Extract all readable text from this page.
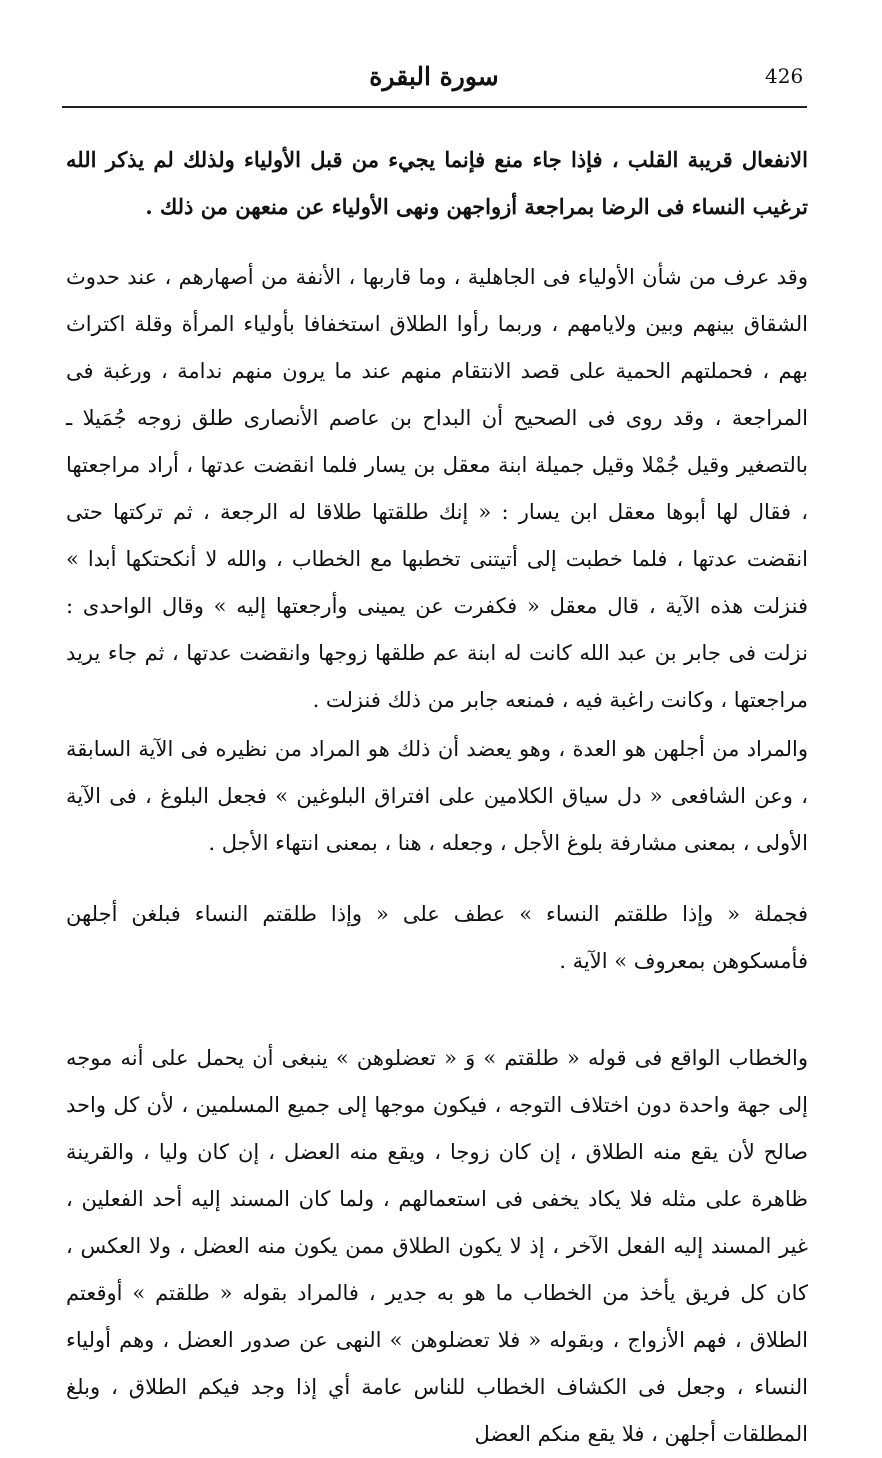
426
سورة البقرة

الانفعال قريبة القلب ، فإذا جاء منع فإنما يجيء من قبل الأولياء ولذلك لم يذكر الله ترغيب النساء فى الرضا بمراجعة أزواجهن ونهى الأولياء عن منعهن من ذلك .

وقد عرف من شأن الأولياء فى الجاهلية ، وما قاربها ، الأنفة من أصهارهم ، عند حدوث الشقاق بينهم وبين ولايامهم ، وربما رأوا الطلاق استخفافا بأولياء المرأة وقلة اكتراث بهم ، فحملتهم الحمية على قصد الانتقام منهم عند ما يرون منهم ندامة ، ورغبة فى المراجعة ، وقد روى فى الصحيح أن البداح بن عاصم الأنصارى طلق زوجه جُمَيلا ـ بالتصغير وقيل جُمْلا وقيل جميلة ابنة معقل بن يسار فلما انقضت عدتها ، أراد مراجعتها ، فقال لها أبوها معقل ابن يسار : « إنك طلقتها طلاقا له الرجعة ، ثم تركتها حتى انقضت عدتها ، فلما خطبت إلى أتيتنى تخطبها مع الخطاب ، والله لا أنكحتكها أبدا » فنزلت هذه الآية ، قال معقل « فكفرت عن يمينى وأرجعتها إليه » وقال الواحدى : نزلت فى جابر بن عبد الله كانت له ابنة عم طلقها زوجها وانقضت عدتها ، ثم جاء يريد مراجعتها ، وكانت راغبة فيه ، فمنعه جابر من ذلك فنزلت .

والمراد من أجلهن هو العدة ، وهو يعضد أن ذلك هو المراد من نظيره فى الآية السابقة ، وعن الشافعى « دل سياق الكلامين على افتراق البلوغين » فجعل البلوغ ، فى الآية الأولى ، بمعنى مشارفة بلوغ الأجل ، وجعله ، هنا ، بمعنى انتهاء الأجل .

فجملة « وإذا طلقتم النساء » عطف على « وإذا طلقتم النساء فبلغن أجلهن فأمسكوهن بمعروف » الآية .

والخطاب الواقع فى قوله « طلقتم » وَ « تعضلوهن » ينبغى أن يحمل على أنه موجه إلى جهة واحدة دون اختلاف التوجه ، فيكون موجها إلى جميع المسلمين ، لأن كل واحد صالح لأن يقع منه الطلاق ، إن كان زوجا ، ويقع منه العضل ، إن كان وليا ، والقرينة ظاهرة على مثله فلا يكاد يخفى فى استعمالهم ، ولما كان المسند إليه أحد الفعلين ، غير المسند إليه الفعل الآخر ، إذ لا يكون الطلاق ممن يكون منه العضل ، ولا العكس ، كان كل فريق يأخذ من الخطاب ما هو به جدير ، فالمراد بقوله « طلقتم » أوقعتم الطلاق ، فهم الأزواج ، وبقوله « فلا تعضلوهن » النهى عن صدور العضل ، وهم أولياء النساء ، وجعل فى الكشاف الخطاب للناس عامة أي إذا وجد فيكم الطلاق ، وبلغ المطلقات أجلهن ، فلا يقع منكم العضل
